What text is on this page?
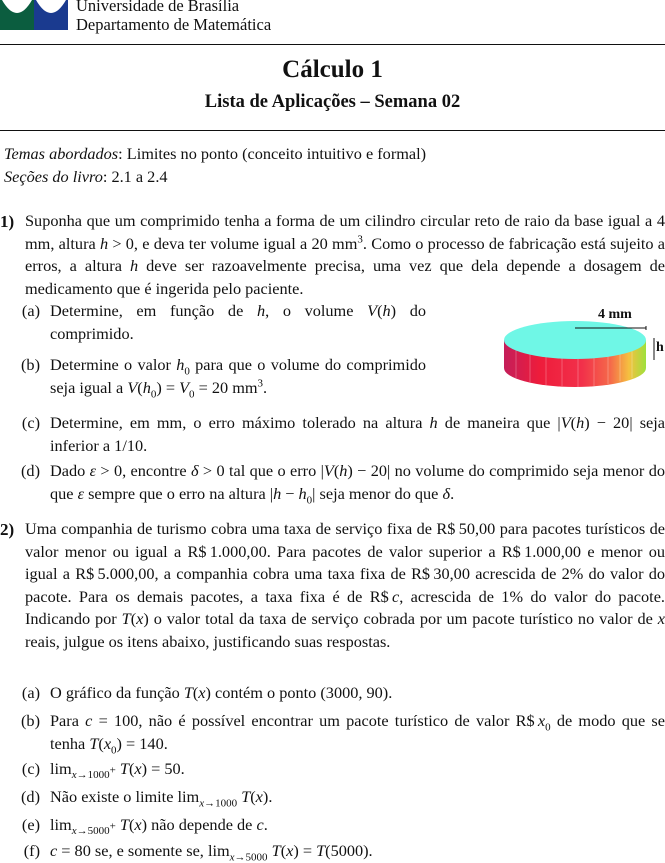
Universidade de Brasília
Departamento de Matemática
Cálculo 1
Lista de Aplicações – Semana 02
Temas abordados: Limites no ponto (conceito intuitivo e formal)
Seções do livro: 2.1 a 2.4
1) Suponha que um comprimido tenha a forma de um cilindro circular reto de raio da base igual a 4 mm, altura h > 0, e deva ter volume igual a 20 $mm^3$. Como o processo de fabricação está sujeito a erros, a altura h deve ser razoavelmente precisa, uma vez que dela depende a dosagem de medicamento que é ingerida pelo paciente.
(a) Determine, em função de h, o volume V(h) do comprimido.
(b) Determine o valor $h_0$ para que o volume do comprimido seja igual a $V(h_0) = V_0 = 20$ $mm^3$.
4 mm
h
(c) Determine, em mm, o erro máximo tolerado na altura h de maneira que |V(h) − 20| seja inferior a 1/10.
(d) Dado ε > 0, encontre δ > 0 tal que o erro |V(h) − 20| no volume do comprimido seja menor do que ε sempre que o erro na altura $|h - h_0|$ seja menor do que δ.
2) Uma companhia de turismo cobra uma taxa de serviço fixa de R$ 50,00 para pacotes turísticos de valor menor ou igual a R$ 1.000,00. Para pacotes de valor superior a R$ 1.000,00 e menor ou igual a R$ 5.000,00, a companhia cobra uma taxa fixa de R$ 30,00 acrescida de 2% do valor do pacote. Para os demais pacotes, a taxa fixa é de R$ c, acrescida de 1% do valor do pacote. Indicando por T(x) o valor total da taxa de serviço cobrada por um pacote turístico no valor de x reais, julgue os itens abaixo, justificando suas respostas.
(a) O gráfico da função T(x) contém o ponto (3000, 90).
(b) Para c = 100, não é possível encontrar um pacote turístico de valor R$ $x_0$ de modo que se tenha $T(x_0) = 140$.
(c) $\lim_{x\to 1000^+} T(x) = 50$.
(d) Não existe o limite $\lim_{x\to 1000} T(x)$.
(e) $\lim_{x\to 5000^+} T(x)$ não depende de c.
(f) c = 80 se, e somente se, $\lim_{x\to 5000} T(x) = T(5000)$.
